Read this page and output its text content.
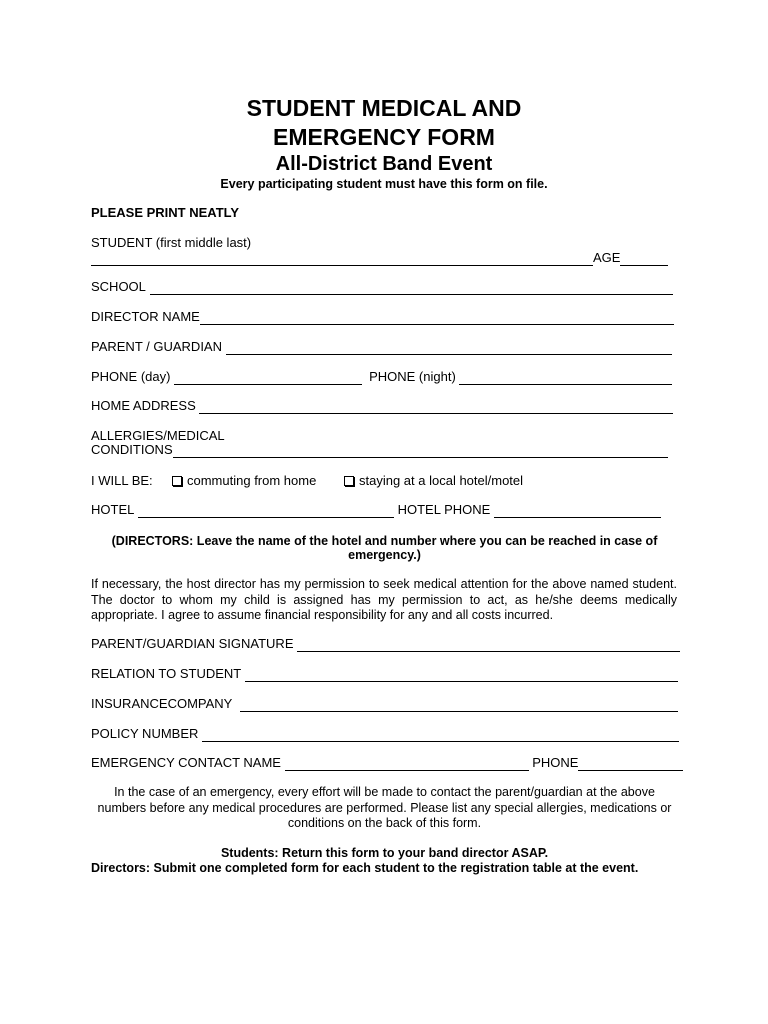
STUDENT MEDICAL AND
EMERGENCY FORM
All-District Band Event
Every participating student must have this form on file.
PLEASE PRINT NEATLY
STUDENT (first middle last)
AGE
SCHOOL

DIRECTOR NAME
PARENT / GUARDIAN

PHONE (day)
	PHONE (night)

HOME ADDRESS

ALLERGIES/MEDICAL
CONDITIONS
I WILL BE:	commuting from home	staying at a local hotel/motel
HOTEL

	HOTEL PHONE

(DIRECTORS: Leave the name of the hotel and number where you can be reached in case of
emergency.)
If necessary, the host director has my permission to seek medical attention for the above named student. The doctor to whom my child is assigned has my permission to act, as he/she deems medically appropriate. I agree to assume financial responsibility for any and all costs incurred.
PARENT/GUARDIAN SIGNATURE

RELATION TO STUDENT

INSURANCECOMPANY

POLICY NUMBER

EMERGENCY CONTACT NAME

	PHONE
In the case of an emergency, every effort will be made to contact the parent/guardian at the above numbers before any medical procedures are performed. Please list any special allergies, medications or conditions on the back of this form.
Students: Return this form to your band director ASAP.
Directors: Submit one completed form for each student to the registration table at the event.
